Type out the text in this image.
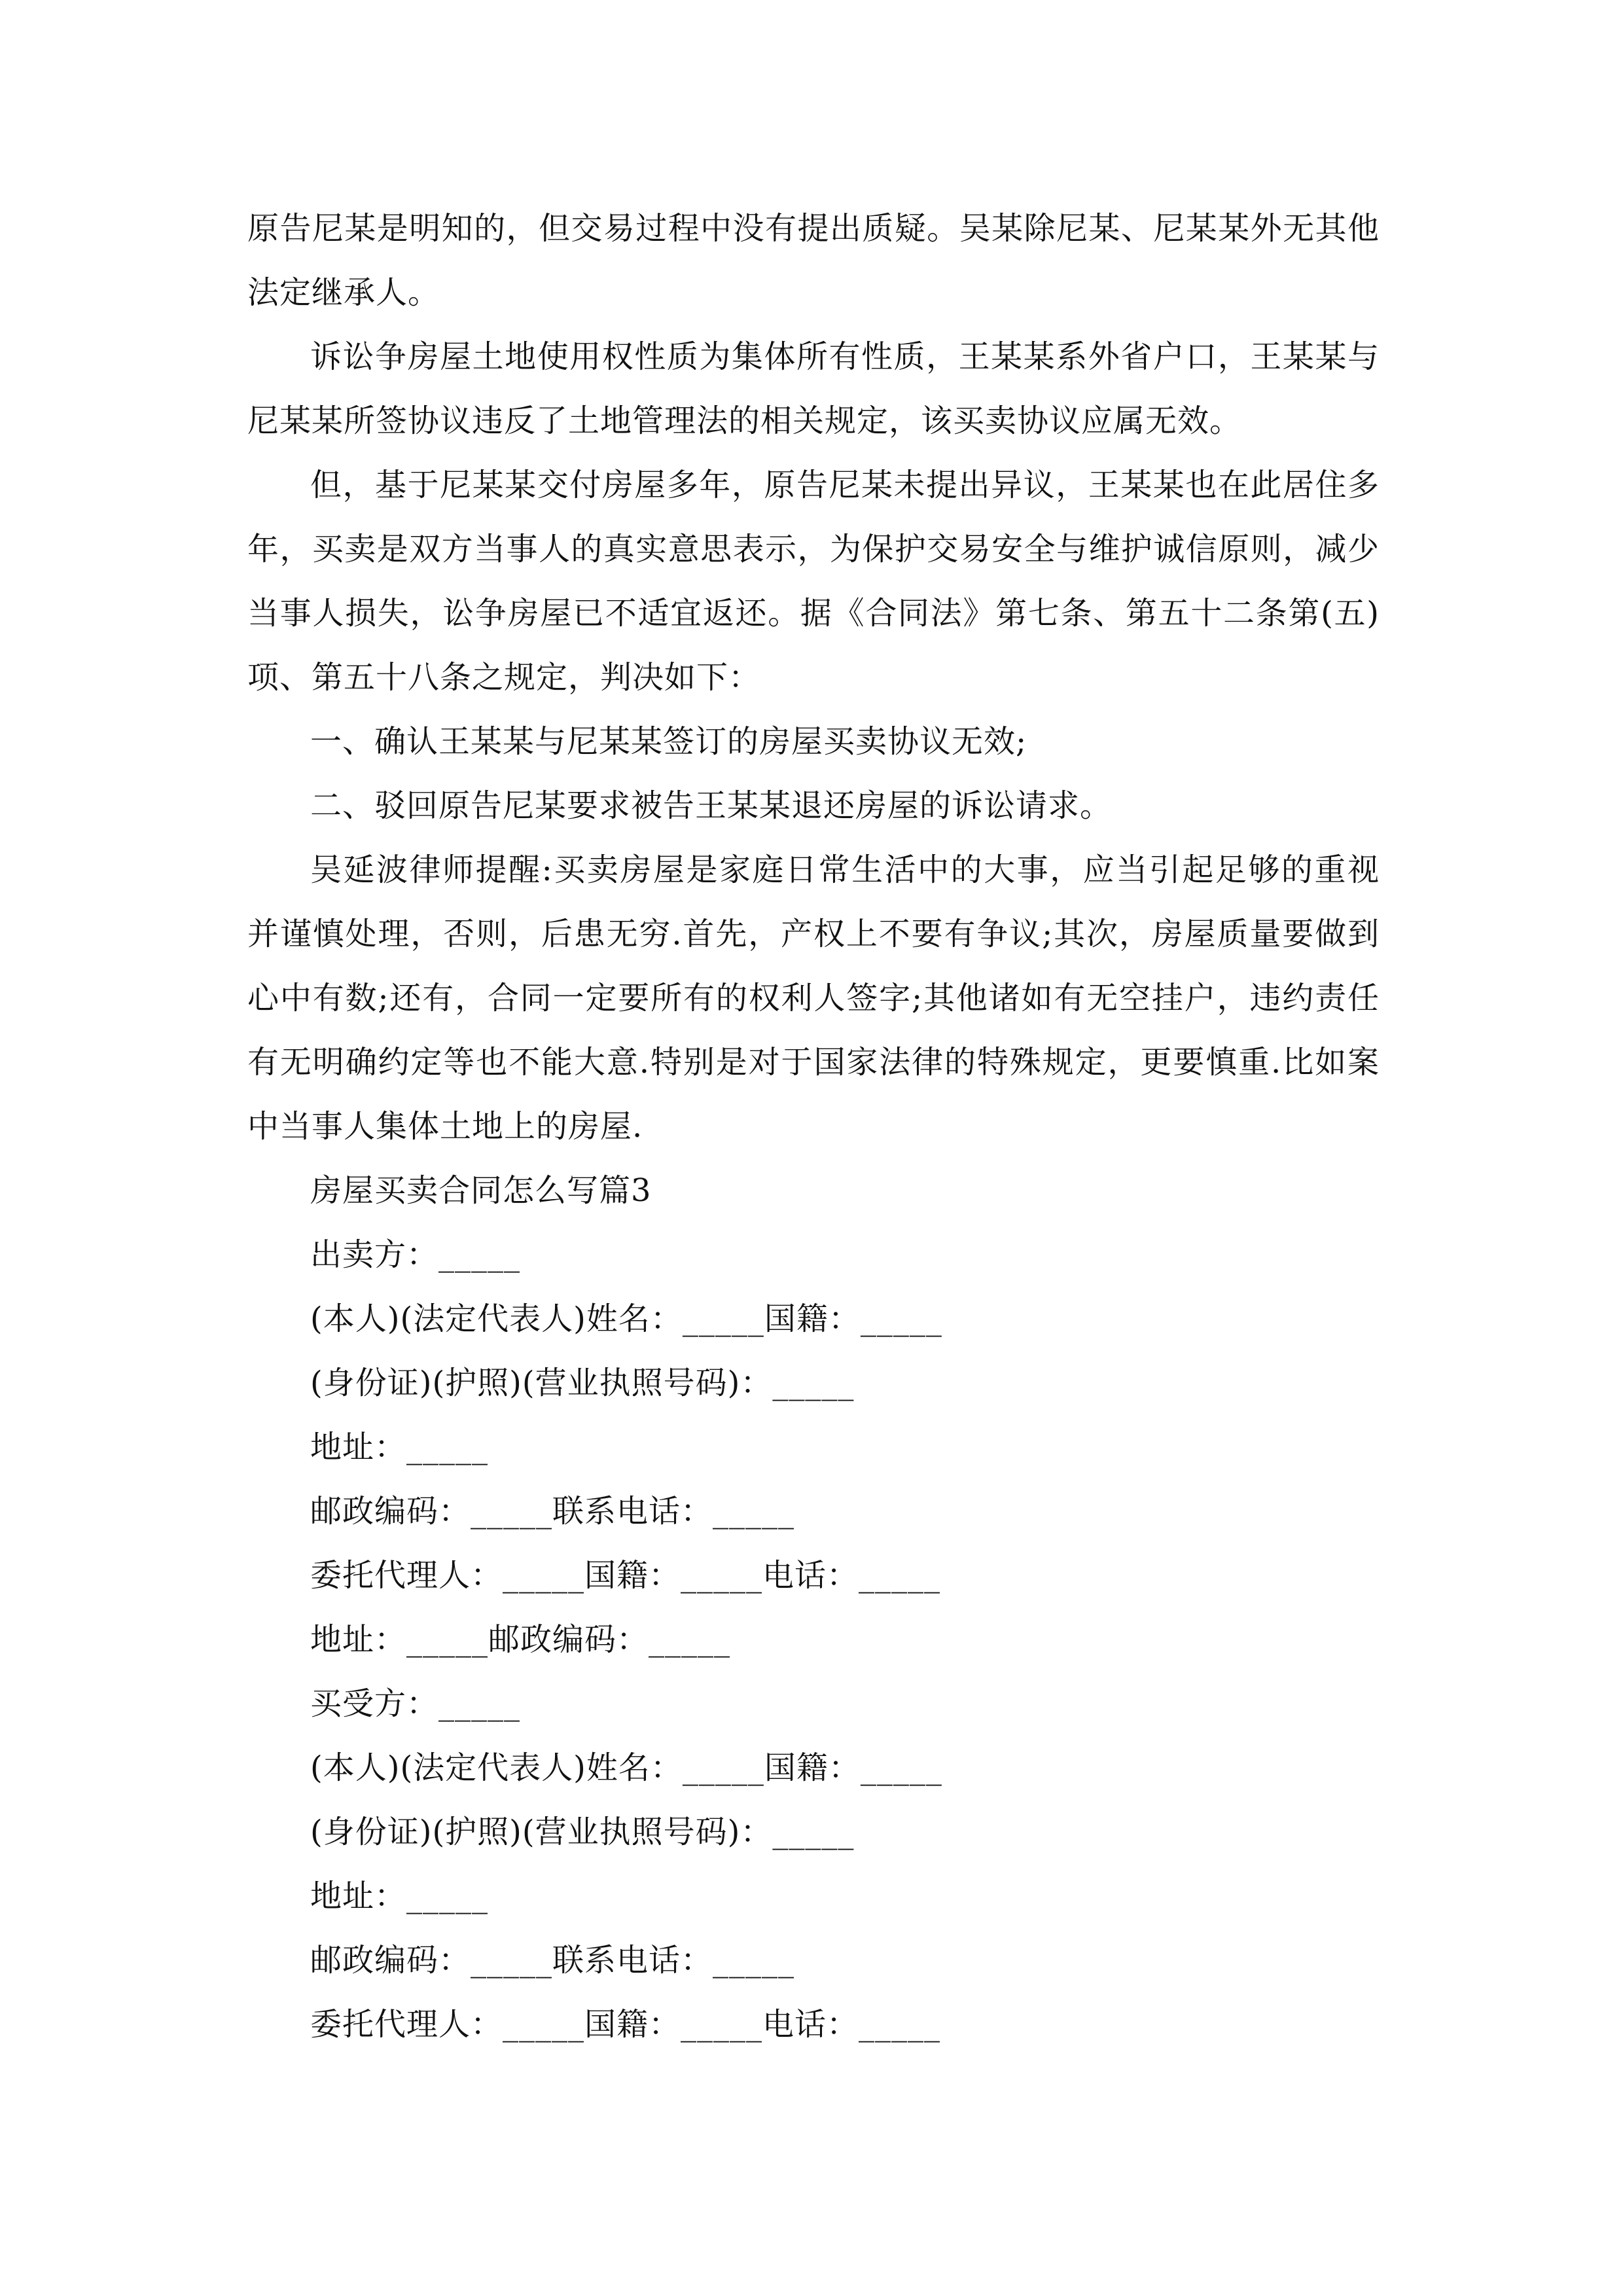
原告尼某是明知的，但交易过程中没有提出质疑。吴某除尼某、尼某某外无其他法定继承人。

诉讼争房屋土地使用权性质为集体所有性质，王某某系外省户口，王某某与尼某某所签协议违反了土地管理法的相关规定，该买卖协议应属无效。

但，基于尼某某交付房屋多年，原告尼某未提出异议，王某某也在此居住多年，买卖是双方当事人的真实意思表示，为保护交易安全与维护诚信原则，减少当事人损失，讼争房屋已不适宜返还。据《合同法》第七条、第五十二条第(五)项、第五十八条之规定，判决如下：

一、确认王某某与尼某某签订的房屋买卖协议无效;

二、驳回原告尼某要求被告王某某退还房屋的诉讼请求。

吴延波律师提醒:买卖房屋是家庭日常生活中的大事，应当引起足够的重视并谨慎处理，否则，后患无穷.首先，产权上不要有争议;其次，房屋质量要做到心中有数;还有，合同一定要所有的权利人签字;其他诸如有无空挂户，违约责任有无明确约定等也不能大意.特别是对于国家法律的特殊规定，更要慎重.比如案中当事人集体土地上的房屋.

房屋买卖合同怎么写篇3

出卖方：_____

(本人)(法定代表人)姓名：_____国籍：_____

(身份证)(护照)(营业执照号码)：_____

地址：_____

邮政编码：_____联系电话：_____

委托代理人：_____国籍：_____电话：_____

地址：_____邮政编码：_____

买受方：_____

(本人)(法定代表人)姓名：_____国籍：_____

(身份证)(护照)(营业执照号码)：_____

地址：_____

邮政编码：_____联系电话：_____

委托代理人：_____国籍：_____电话：_____
